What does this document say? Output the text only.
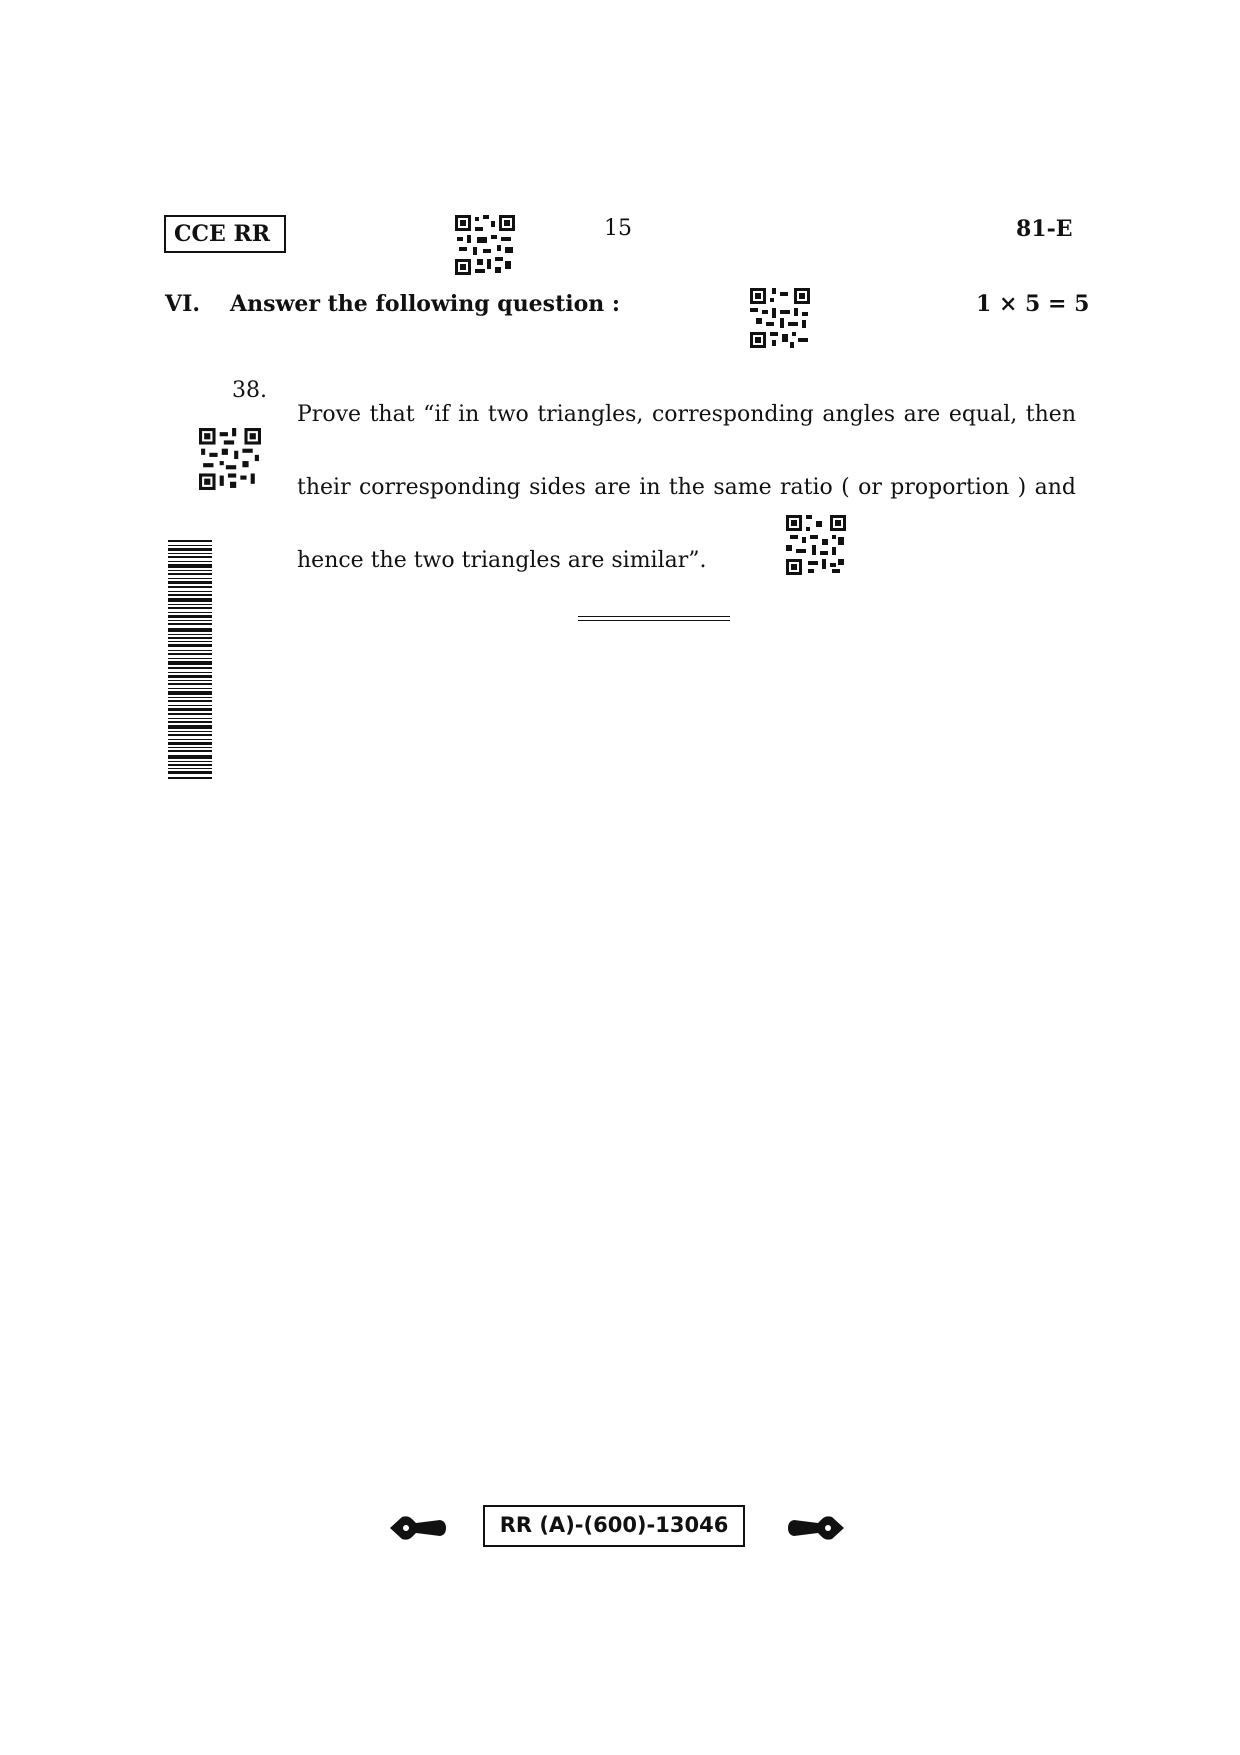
CCE RR	15	81-E
VI. Answer the following question :	1 × 5 = 5
38.
Prove that “if in two triangles, corresponding angles are equal, then
their corresponding sides are in the same ratio ( or proportion ) and
hence the two triangles are similar”.
RR (A)-(600)-13046
